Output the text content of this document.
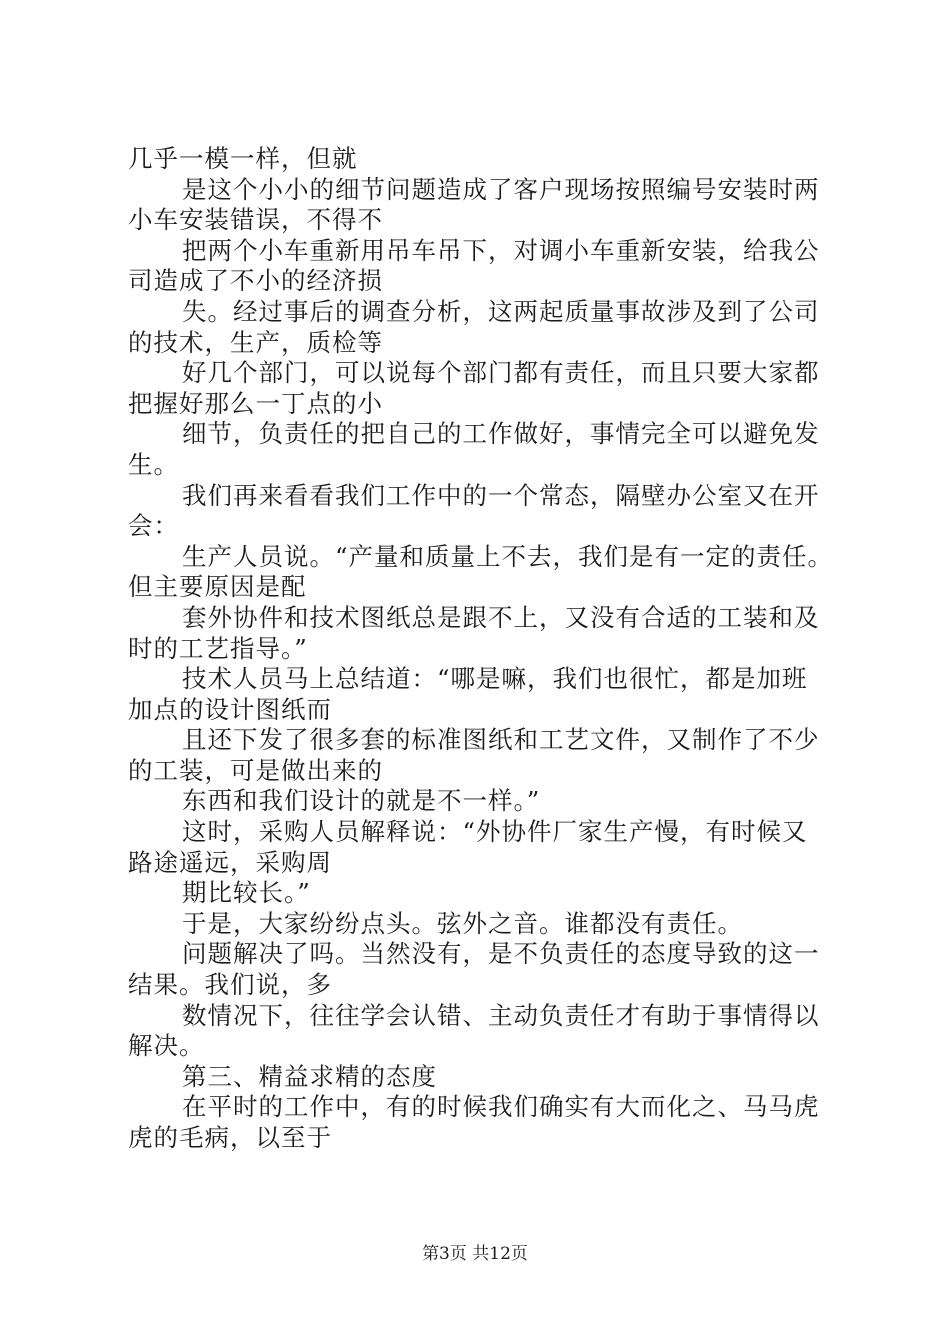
几乎一模一样，但就
是这个小小的细节问题造成了客户现场按照编号安装时两
小车安装错误，不得不
把两个小车重新用吊车吊下，对调小车重新安装，给我公
司造成了不小的经济损
失。经过事后的调查分析，这两起质量事故涉及到了公司
的技术，生产，质检等
好几个部门，可以说每个部门都有责任，而且只要大家都
把握好那么一丁点的小
细节，负责任的把自己的工作做好，事情完全可以避免发
生。
我们再来看看我们工作中的一个常态，隔壁办公室又在开
会：
生产人员说。“产量和质量上不去，我们是有一定的责任。
但主要原因是配
套外协件和技术图纸总是跟不上，又没有合适的工装和及
时的工艺指导。”
技术人员马上总结道：“哪是嘛，我们也很忙，都是加班
加点的设计图纸而
且还下发了很多套的标准图纸和工艺文件，又制作了不少
的工装，可是做出来的
东西和我们设计的就是不一样。”
这时，采购人员解释说：“外协件厂家生产慢，有时候又
路途遥远，采购周
期比较长。”
于是，大家纷纷点头。弦外之音。谁都没有责任。
问题解决了吗。当然没有，是不负责任的态度导致的这一
结果。我们说，多
数情况下，往往学会认错、主动负责任才有助于事情得以
解决。
第三、精益求精的态度
在平时的工作中，有的时候我们确实有大而化之、马马虎
虎的毛病，以至于
第3页 共12页
